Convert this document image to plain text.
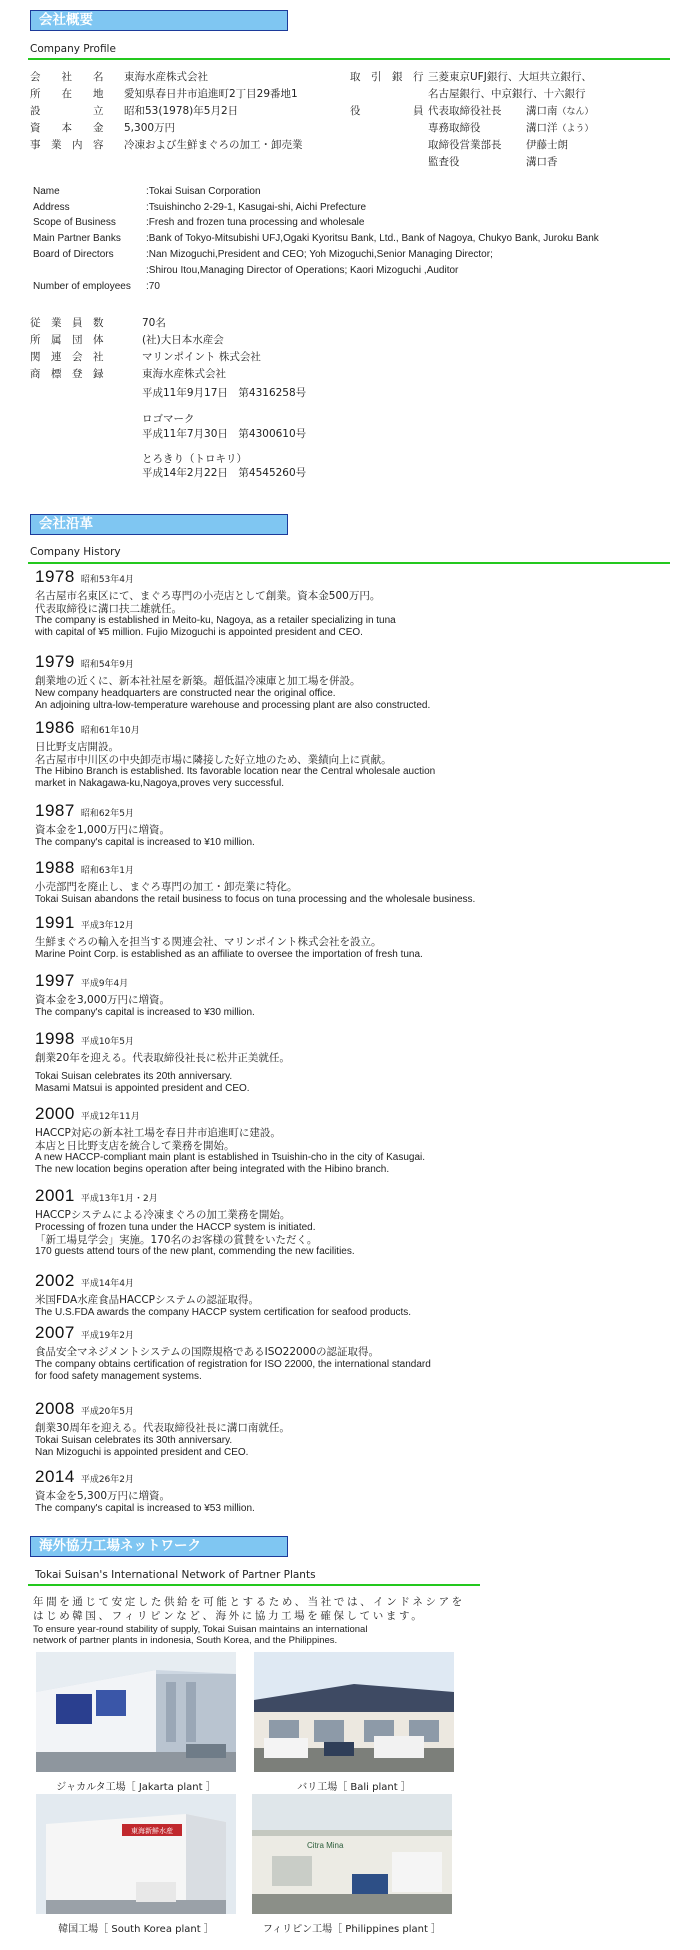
会社概要
Company Profile
会　　社　　名	東海水産株式会社
所　　在　　地 愛知県春日井市追進町2丁目29番地1
設　　　　　立 昭和53(1978)年5月2日
資　　本　　金 5,300万円
事　業　内　容 冷凍および生鮮まぐろの加工・卸売業
取　引　銀　行 三菱東京UFJ銀行、大垣共立銀行、
名古屋銀行、中京銀行、十六銀行
役　　　　　員 代表取締役社長 溝口南（なん）
専務取締役	溝口洋（よう）
取締役営業部長 伊藤士朗
監査役	溝口香
Name	:Tokai Suisan Corporation
Address	:Tsuishincho 2-29-1, Kasugai-shi, Aichi Prefecture
Scope of Business	:Fresh and frozen tuna processing and wholesale
Main Partner Banks	:Bank of Tokyo-Mitsubishi UFJ,Ogaki Kyoritsu Bank, Ltd., Bank of Nagoya, Chukyo Bank, Juroku Bank
Board of Directors	:Nan Mizoguchi,President and CEO; Yoh Mizoguchi,Senior Managing Director;
:Shirou Itou,Managing Director of Operations; Kaori Mizoguchi ,Auditor
Number of employees :70
従　業　員　数	70名
所　属　団　体	(社)大日本水産会
関　連　会　社	マリンポイント 株式会社
商　標　登　録	東海水産株式会社
平成11年9月17日　第4316258号
ロゴマーク
平成11年7月30日　第4300610号
とろきり（トロキリ）
平成14年2月22日　第4545260号
会社沿革
Company History
1978 昭和53年4月
名古屋市名東区にて、まぐろ専門の小売店として創業。資本金500万円。
代表取締役に溝口扶二雄就任。
The company is established in Meito-ku, Nagoya, as a retailer specializing in tuna
with capital of ¥5 million. Fujio Mizoguchi is appointed president and CEO.
1979 昭和54年9月
創業地の近くに、新本社社屋を新築。超低温冷凍庫と加工場を併設。
New company headquarters are constructed near the original office.
An adjoining ultra-low-temperature warehouse and processing plant are also constructed.
1986 昭和61年10月
日比野支店開設。
名古屋市中川区の中央卸売市場に隣接した好立地のため、業績向上に貢献。
The Hibino Branch is established. Its favorable location near the Central wholesale auction
market in Nakagawa-ku,Nagoya,proves very successful.
1987 昭和62年5月
資本金を1,000万円に増資。
The company's capital is increased to ¥10 million.
1988 昭和63年1月
小売部門を廃止し、まぐろ専門の加工・卸売業に特化。
Tokai Suisan abandons the retail business to focus on tuna processing and the wholesale business.
1991 平成3年12月
生鮮まぐろの輸入を担当する関連会社、マリンポイント株式会社を設立。
Marine Point Corp. is established as an affiliate to oversee the importation of fresh tuna.
1997 平成9年4月
資本金を3,000万円に増資。
The company's capital is increased to ¥30 million.
1998 平成10年5月
創業20年を迎える。代表取締役社長に松井正美就任。
Tokai Suisan celebrates its 20th anniversary.
Masami Matsui is appointed president and CEO.
2000 平成12年11月
HACCP対応の新本社工場を春日井市追進町に建設。
本店と日比野支店を統合して業務を開始。
A new HACCP-compliant main plant is established in Tsuishin-cho in the city of Kasugai.
The new location begins operation after being integrated with the Hibino branch.
2001 平成13年1月・2月
HACCPシステムによる冷凍まぐろの加工業務を開始。
Processing of frozen tuna under the HACCP system is initiated.
「新工場見学会」実施。170名のお客様の賞賛をいただく。
170 guests attend tours of the new plant, commending the new facilities.
2002 平成14年4月
米国FDA水産食品HACCPシステムの認証取得。
The U.S.FDA awards the company HACCP system certification for seafood products.
2007 平成19年2月
食品安全マネジメントシステムの国際規格であるISO22000の認証取得。
The company obtains certification of registration for ISO 22000, the international standard
for food safety management systems.
2008 平成20年5月
創業30周年を迎える。代表取締役社長に溝口南就任。
Tokai Suisan celebrates its 30th anniversary.
Nan Mizoguchi is appointed president and CEO.
2014 平成26年2月
資本金を5,300万円に増資。
The company's capital is increased to ¥53 million.
海外協力工場ネットワーク
Tokai Suisan's International Network of Partner Plants
年間を通じて安定した供給を可能とするため、当社では、インドネシアを
はじめ韓国、フィリピンなど、海外に協力工場を確保しています。
To ensure year-round stability of supply, Tokai Suisan maintains an international
network of partner plants in indonesia, South Korea, and the Philippines.
ジャカルタ工場［ Jakarta plant ］	バリ工場［ Bali plant ］
東海新鮮水産
韓国工場［ South Korea plant ］
Citra Mina
フィリピン工場［ Philippines plant ］
